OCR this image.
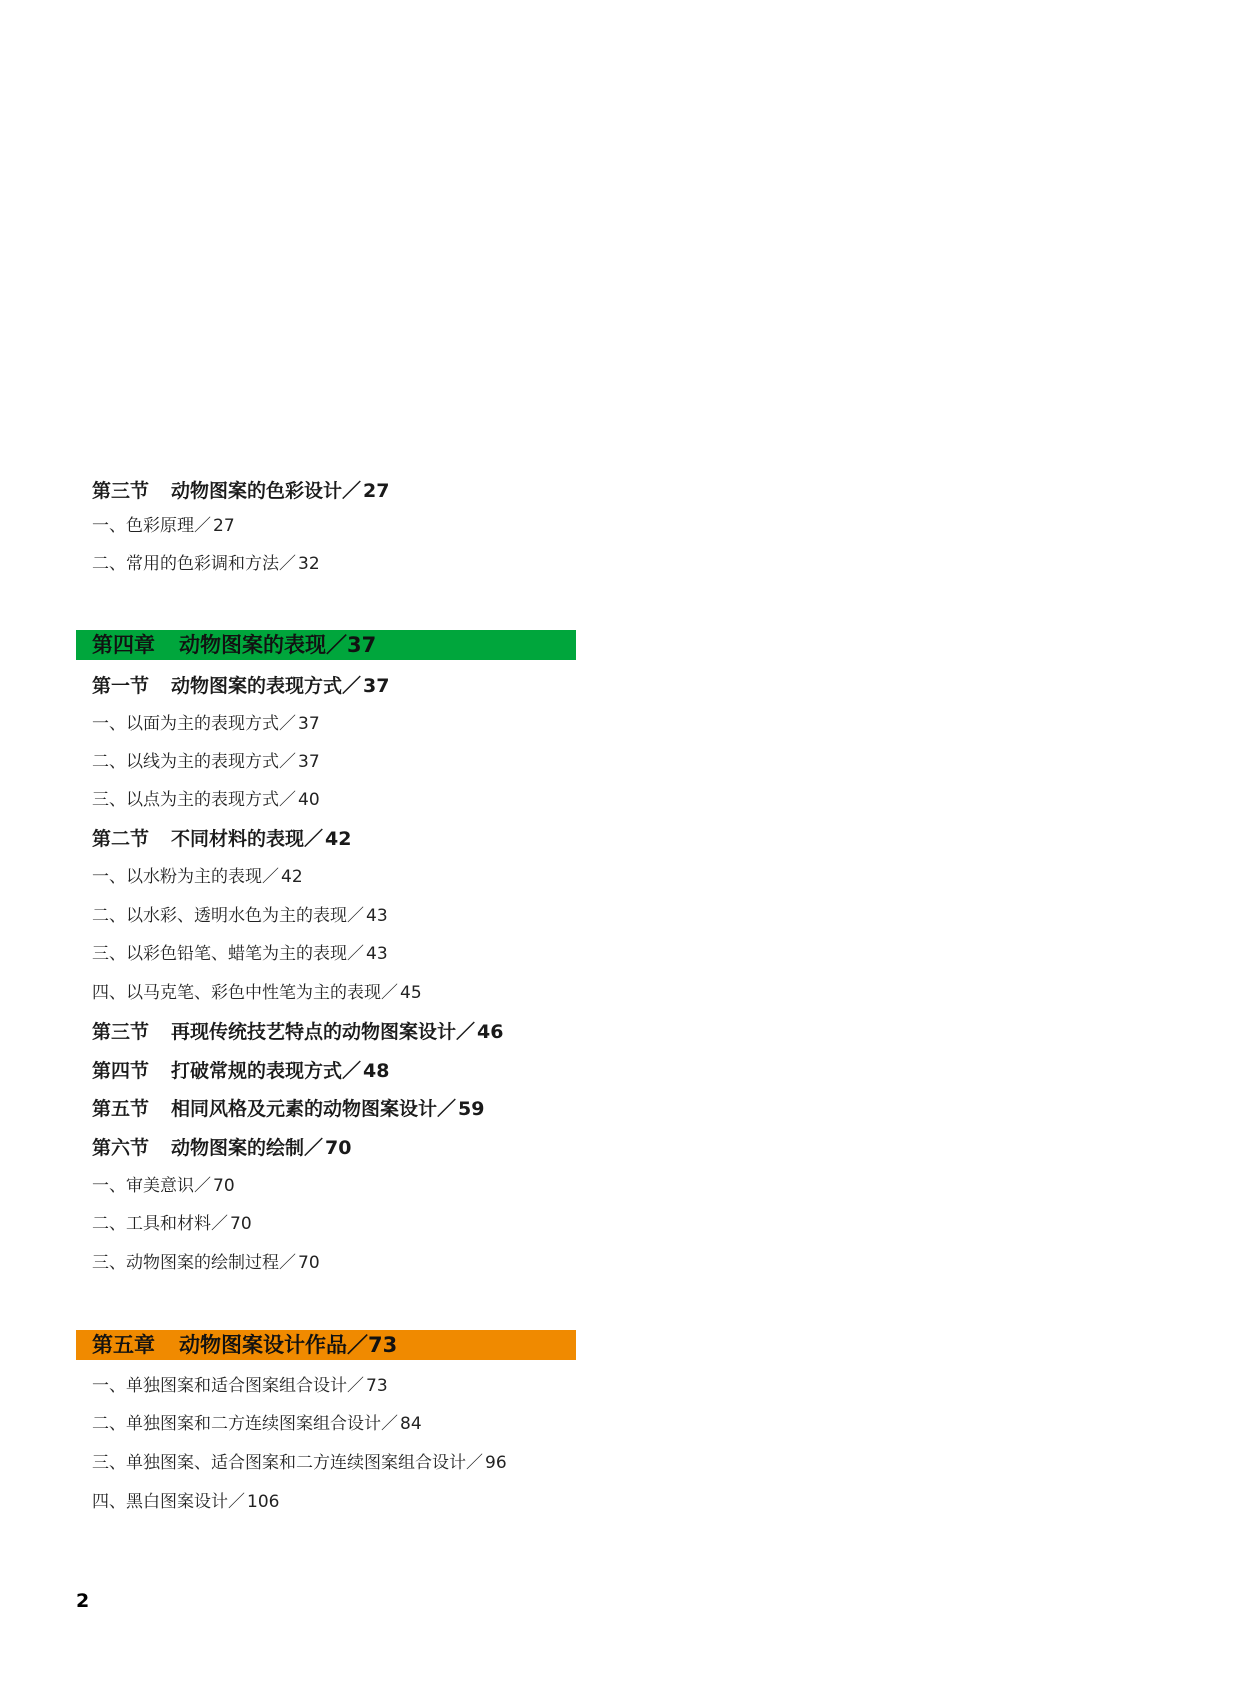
第三节 动物图案的色彩设计／ 27
一、色彩原理／ 27
二、常用的色彩调和方法／ 32
第四章 动物图案的表现／37
第一节 动物图案的表现方式／ 37
一、以面为主的表现方式／ 37
二、以线为主的表现方式／ 37
三、以点为主的表现方式／ 40
第二节 不同材料的表现／ 42
一、以水粉为主的表现／ 42
二、以水彩、透明水色为主的表现／ 43
三、以彩色铅笔、蜡笔为主的表现／ 43
四、以马克笔、彩色中性笔为主的表现／ 45
第三节 再现传统技艺特点的动物图案设计／ 46
第四节 打破常规的表现方式／ 48
第五节 相同风格及元素的动物图案设计／ 59
第六节 动物图案的绘制／ 70
一、审美意识／ 70
二、工具和材料／ 70
三、动物图案的绘制过程／ 70
第五章 动物图案设计作品／73
一、单独图案和适合图案组合设计／ 73
二、单独图案和二方连续图案组合设计／ 84
三、单独图案、适合图案和二方连续图案组合设计／ 96
四、黑白图案设计／ 106
2
